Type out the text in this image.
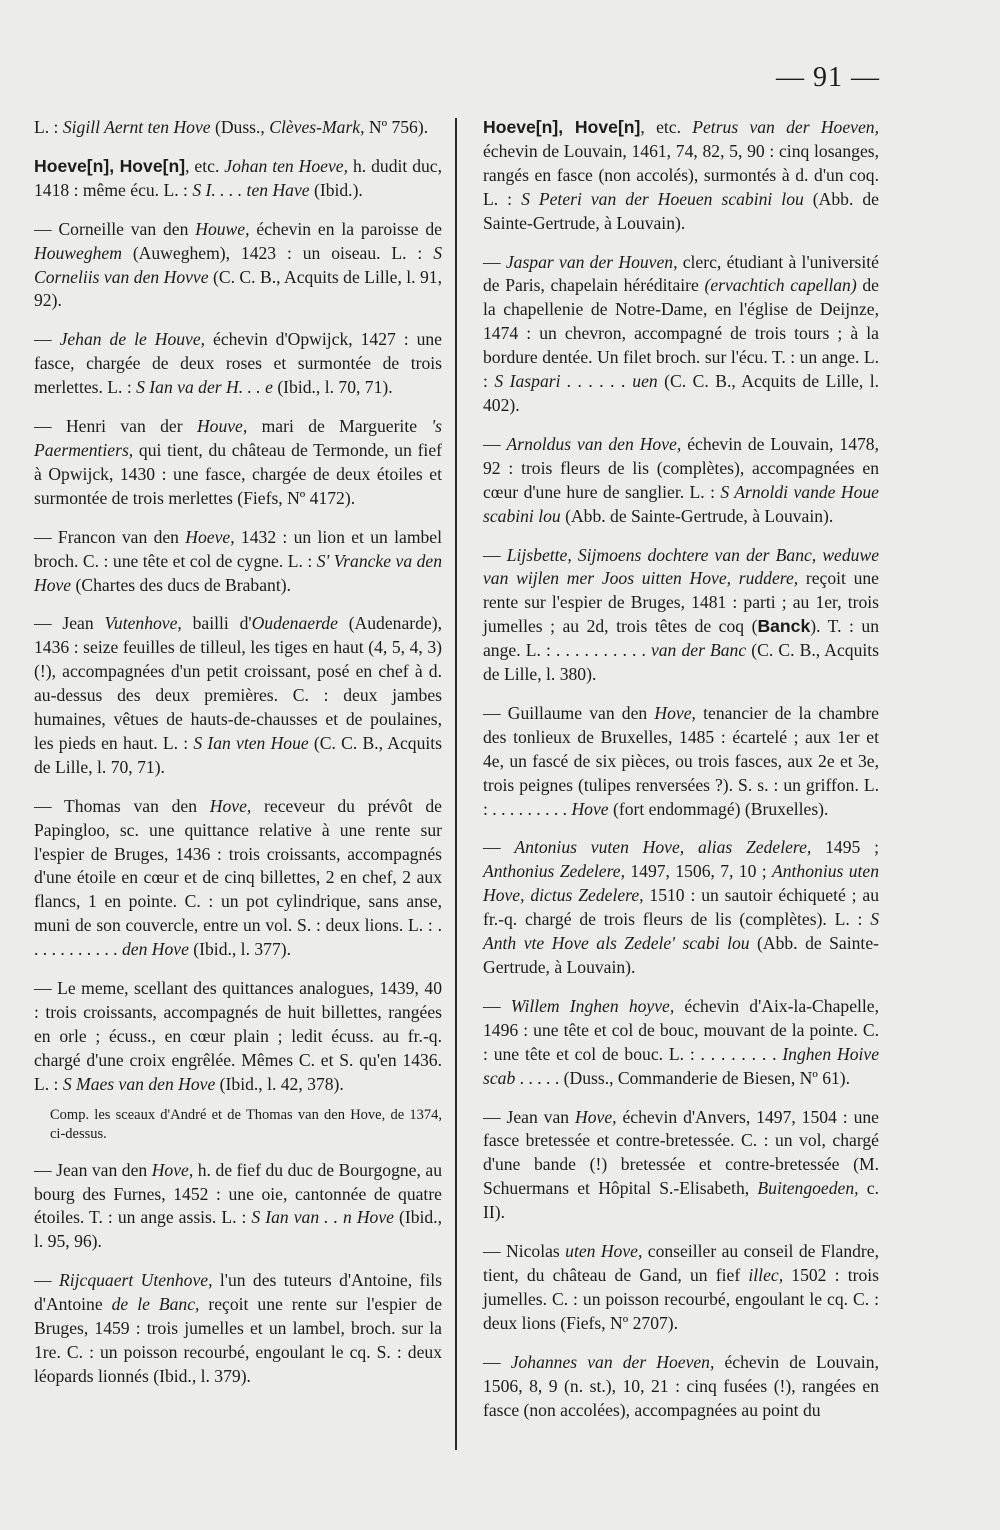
— 91 —

L. : Sigill Aernt ten Hove (Duss., Clèves-Mark, Nº 756).

Hoeve[n], Hove[n], etc. Johan ten Hoeve, h. dudit duc, 1418 : même écu. L. : S I. . . . ten Have (Ibid.).

— Corneille van den Houwe, échevin en la paroisse de Houweghem (Auweghem), 1423 : un oiseau. L. : S Corneliis van den Hovve (C. C. B., Acquits de Lille, l. 91, 92).

— Jehan de le Houve, échevin d'Opwijck, 1427 : une fasce, chargée de deux roses et surmontée de trois merlettes. L. : S Ian va der H. . . e (Ibid., l. 70, 71).

— Henri van der Houve, mari de Marguerite 's Paermentiers, qui tient, du château de Termonde, un fief à Opwijck, 1430 : une fasce, chargée de deux étoiles et surmontée de trois merlettes (Fiefs, Nº 4172).

— Francon van den Hoeve, 1432 : un lion et un lambel broch. C. : une tête et col de cygne. L. : S' Vrancke va den Hove (Chartes des ducs de Brabant).

— Jean Vutenhove, bailli d'Oudenaerde (Audenarde), 1436 : seize feuilles de tilleul, les tiges en haut (4, 5, 4, 3) (!), accompagnées d'un petit croissant, posé en chef à d. au-dessus des deux premières. C. : deux jambes humaines, vêtues de hauts-de-chausses et de poulaines, les pieds en haut. L. : S Ian vten Houe (C. C. B., Acquits de Lille, l. 70, 71).

— Thomas van den Hove, receveur du prévôt de Papingloo, sc. une quittance relative à une rente sur l'espier de Bruges, 1436 : trois croissants, accompagnés d'une étoile en cœur et de cinq billettes, 2 en chef, 2 aux flancs, 1 en pointe. C. : un pot cylindrique, sans anse, muni de son couvercle, entre un vol. S. : deux lions. L. : . . . . . . . . . . . den Hove (Ibid., l. 377).

— Le meme, scellant des quittances analogues, 1439, 40 : trois croissants, accompagnés de huit billettes, rangées en orle ; écuss., en cœur plain ; ledit écuss. au fr.-q. chargé d'une croix engrêlée. Mêmes C. et S. qu'en 1436. L. : S Maes van den Hove (Ibid., l. 42, 378).

Comp. les sceaux d'André et de Thomas van den Hove, de 1374, ci-dessus.

— Jean van den Hove, h. de fief du duc de Bourgogne, au bourg des Furnes, 1452 : une oie, cantonnée de quatre étoiles. T. : un ange assis. L. : S Ian van . . n Hove (Ibid., l. 95, 96).

— Rijcquaert Utenhove, l'un des tuteurs d'Antoine, fils d'Antoine de le Banc, reçoit une rente sur l'espier de Bruges, 1459 : trois jumelles et un lambel, broch. sur la 1re. C. : un poisson recourbé, engoulant le cq. S. : deux léopards lionnés (Ibid., l. 379).

Hoeve[n], Hove[n], etc. Petrus van der Hoeven, échevin de Louvain, 1461, 74, 82, 5, 90 : cinq losanges, rangés en fasce (non accolés), surmontés à d. d'un coq. L. : S Peteri van der Hoeuen scabini lou (Abb. de Sainte-Gertrude, à Louvain).

— Jaspar van der Houven, clerc, étudiant à l'université de Paris, chapelain héréditaire (ervachtich capellan) de la chapellenie de Notre-Dame, en l'église de Deijnze, 1474 : un chevron, accompagné de trois tours ; à la bordure dentée. Un filet broch. sur l'écu. T. : un ange. L. : S Iaspari . . . . . . uen (C. C. B., Acquits de Lille, l. 402).

— Arnoldus van den Hove, échevin de Louvain, 1478, 92 : trois fleurs de lis (complètes), accompagnées en cœur d'une hure de sanglier. L. : S Arnoldi vande Houe scabini lou (Abb. de Sainte-Gertrude, à Louvain).

— Lijsbette, Sijmoens dochtere van der Banc, weduwe van wijlen mer Joos uitten Hove, ruddere, reçoit une rente sur l'espier de Bruges, 1481 : parti ; au 1er, trois jumelles ; au 2d, trois têtes de coq (Banck). T. : un ange. L. : . . . . . . . . . . van der Banc (C. C. B., Acquits de Lille, l. 380).

— Guillaume van den Hove, tenancier de la chambre des tonlieux de Bruxelles, 1485 : écartelé ; aux 1er et 4e, un fascé de six pièces, ou trois fasces, aux 2e et 3e, trois peignes (tulipes renversées ?). S. s. : un griffon. L. : . . . . . . . . . Hove (fort endommagé) (Bruxelles).

— Antonius vuten Hove, alias Zedelere, 1495 ; Anthonius Zedelere, 1497, 1506, 7, 10 ; Anthonius uten Hove, dictus Zedelere, 1510 : un sautoir échiqueté ; au fr.-q. chargé de trois fleurs de lis (complètes). L. : S Anth vte Hove als Zedele' scabi lou (Abb. de Sainte-Gertrude, à Louvain).

— Willem Inghen hoyve, échevin d'Aix-la-Chapelle, 1496 : une tête et col de bouc, mouvant de la pointe. C. : une tête et col de bouc. L. : . . . . . . . . Inghen Hoive scab . . . . . (Duss., Commanderie de Biesen, Nº 61).

— Jean van Hove, échevin d'Anvers, 1497, 1504 : une fasce bretessée et contre-bretessée. C. : un vol, chargé d'une bande (!) bretessée et contre-bretessée (M. Schuermans et Hôpital S.-Elisabeth, Buitengoeden, c. II).

— Nicolas uten Hove, conseiller au conseil de Flandre, tient, du château de Gand, un fief illec, 1502 : trois jumelles. C. : un poisson recourbé, engoulant le cq. C. : deux lions (Fiefs, Nº 2707).

— Johannes van der Hoeven, échevin de Louvain, 1506, 8, 9 (n. st.), 10, 21 : cinq fusées (!), rangées en fasce (non accolées), accompagnées au point du
